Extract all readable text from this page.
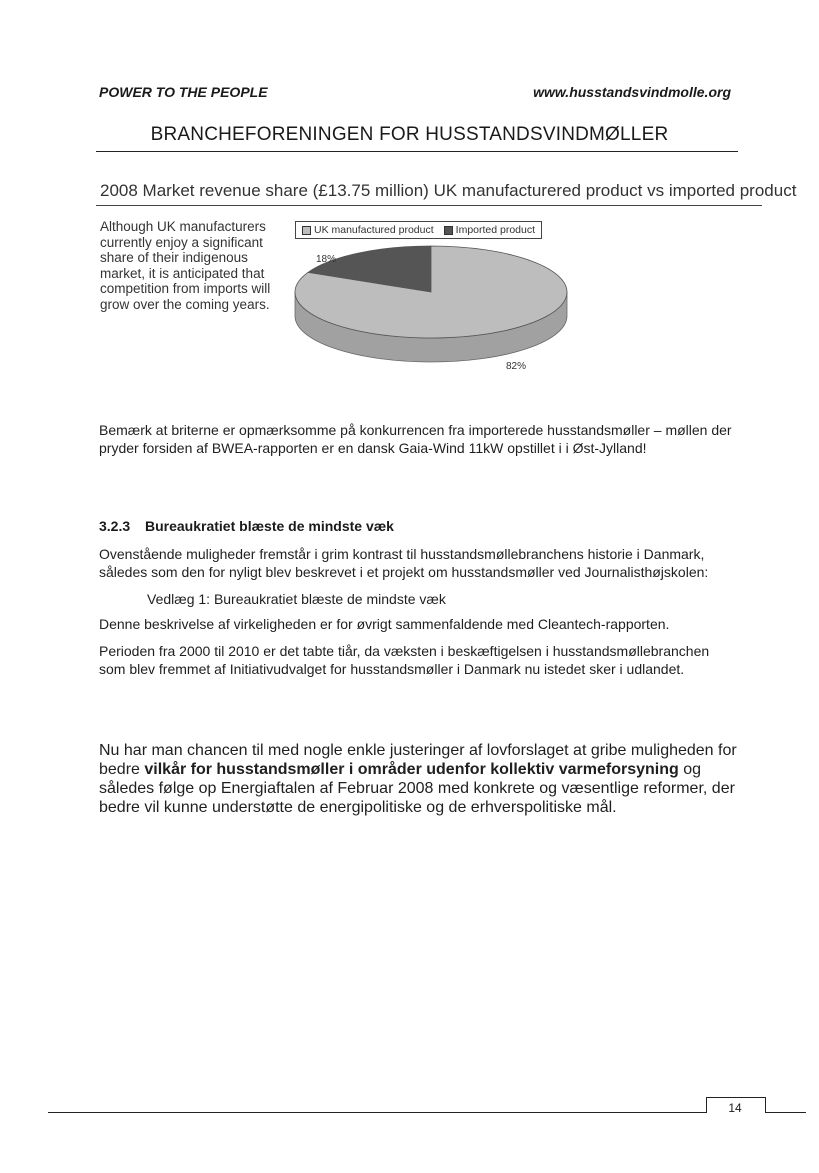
POWER TO THE PEOPLE	www.husstandsvindmolle.org
BRANCHEFORENINGEN FOR HUSSTANDSVINDMØLLER
2008 Market revenue share (£13.75 million) UK manufacturered product vs imported product
Although UK manufacturers currently enjoy a significant share of their indigenous market, it is anticipated that competition from imports will grow over the coming years.
UK manufactured product Imported product
18%
82%
Bemærk at briterne er opmærksomme på konkurrencen fra importerede husstandsmøller – møllen der pryder forsiden af BWEA-rapporten er en dansk Gaia-Wind 11kW opstillet i i Øst-Jylland!
3.2.3 Bureaukratiet blæste de mindste væk
Ovenstående muligheder fremstår i grim kontrast til husstandsmøllebranchens historie i Danmark, således som den for nyligt blev beskrevet i et projekt om husstandsmøller ved Journalisthøjskolen:
Vedlæg 1: Bureaukratiet blæste de mindste væk
Denne beskrivelse af virkeligheden er for øvrigt sammenfaldende med Cleantech-rapporten.
Perioden fra 2000 til 2010 er det tabte tiår, da væksten i beskæftigelsen i husstandsmøllebranchen som blev fremmet af Initiativudvalget for husstandsmøller i Danmark nu istedet sker i udlandet.
Nu har man chancen til med nogle enkle justeringer af lovforslaget at gribe muligheden for bedre vilkår for husstandsmøller i områder udenfor kollektiv varmeforsyning og således følge op Energiaftalen af Februar 2008 med konkrete og væsentlige reformer, der bedre vil kunne understøtte de energipolitiske og de erhverspolitiske mål.
14
